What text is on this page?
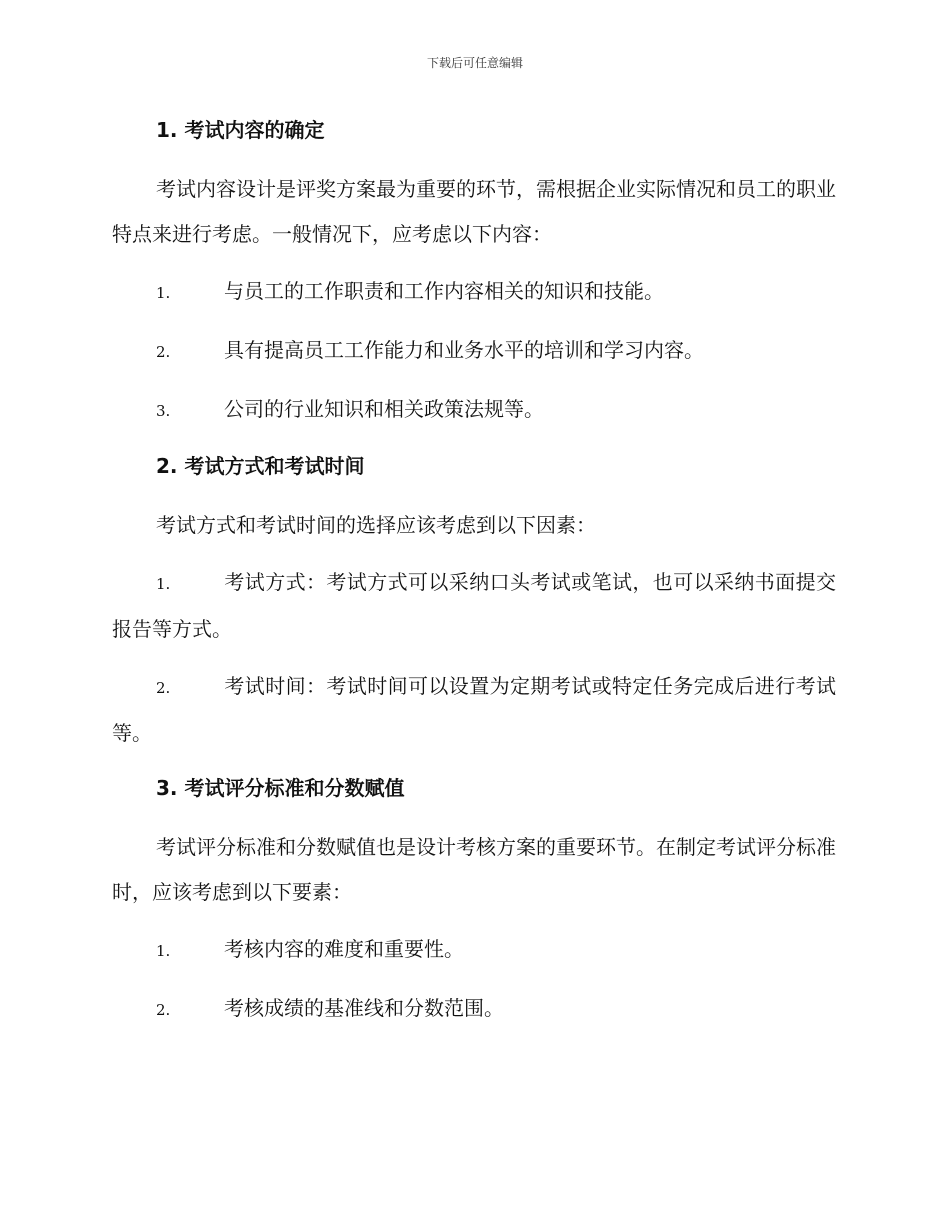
下载后可任意编辑
1. 考试内容的确定

考试内容设计是评奖方案最为重要的环节，需根据企业实际情况和员工的职业特点来进行考虑。一般情况下，应考虑以下内容：

1.	与员工的工作职责和工作内容相关的知识和技能。

2.	具有提高员工工作能力和业务水平的培训和学习内容。

3.	公司的行业知识和相关政策法规等。

2. 考试方式和考试时间

考试方式和考试时间的选择应该考虑到以下因素：

1.	考试方式：考试方式可以采纳口头考试或笔试，也可以采纳书面提交报告等方式。

2.	考试时间：考试时间可以设置为定期考试或特定任务完成后进行考试等。

3. 考试评分标准和分数赋值

考试评分标准和分数赋值也是设计考核方案的重要环节。在制定考试评分标准时，应该考虑到以下要素：

1.	考核内容的难度和重要性。

2.	考核成绩的基准线和分数范围。
